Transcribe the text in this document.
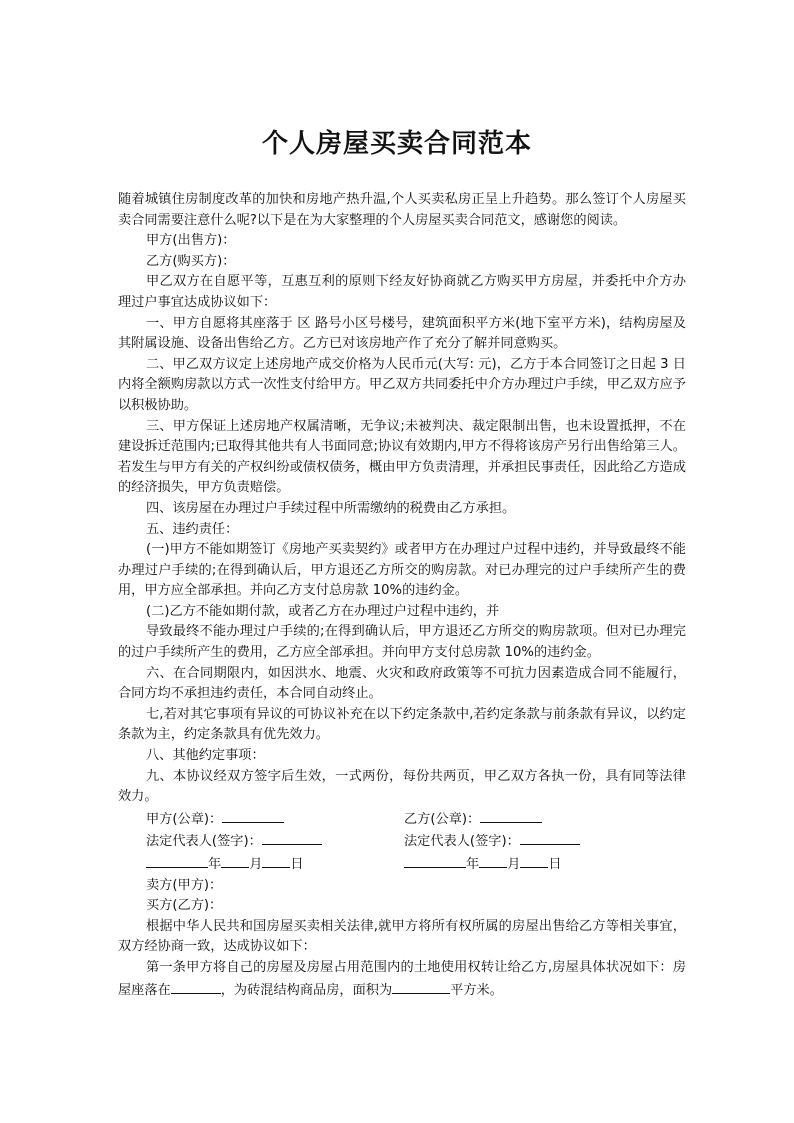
个人房屋买卖合同范本

随着城镇住房制度改革的加快和房地产热升温,个人买卖私房正呈上升趋势。那么签订个人房屋买卖合同需要注意什么呢?以下是在为大家整理的个人房屋买卖合同范文，感谢您的阅读。

甲方(出售方)：

乙方(购买方)：

甲乙双方在自愿平等，互惠互利的原则下经友好协商就乙方购买甲方房屋，并委托中介方办理过户事宜达成协议如下：

一、甲方自愿将其座落于 区 路号小区号楼号，建筑面积平方米(地下室平方米)，结构房屋及其附属设施、设备出售给乙方。乙方已对该房地产作了充分了解并同意购买。

二、甲乙双方议定上述房地产成交价格为人民币元(大写: 元)，乙方于本合同签订之日起 3 日内将全额购房款以方式一次性支付给甲方。甲乙双方共同委托中介方办理过户手续，甲乙双方应予以积极协助。

三、甲方保证上述房地产权属清晰，无争议;未被判决、裁定限制出售，也未设置抵押，不在建设拆迁范围内;已取得其他共有人书面同意;协议有效期内,甲方不得将该房产另行出售给第三人。若发生与甲方有关的产权纠纷或债权债务，概由甲方负责清理，并承担民事责任，因此给乙方造成的经济损失，甲方负责赔偿。

四、该房屋在办理过户手续过程中所需缴纳的税费由乙方承担。

五、违约责任：

(一)甲方不能如期签订《房地产买卖契约》或者甲方在办理过户过程中违约，并导致最终不能办理过户手续的;在得到确认后，甲方退还乙方所交的购房款。对已办理完的过户手续所产生的费用，甲方应全部承担。并向乙方支付总房款 10%的违约金。

(二)乙方不能如期付款，或者乙方在办理过户过程中违约，并

导致最终不能办理过户手续的;在得到确认后，甲方退还乙方所交的购房款项。但对已办理完的过户手续所产生的费用，乙方应全部承担。并向甲方支付总房款 10%的违约金。

六、在合同期限内，如因洪水、地震、火灾和政府政策等不可抗力因素造成合同不能履行，合同方均不承担违约责任，本合同自动终止。

七,若对其它事项有异议的可协议补充在以下约定条款中,若约定条款与前条款有异议，以约定条款为主，约定条款具有优先效力。

八、其他约定事项：

九、本协议经双方签字后生效，一式两份，每份共两页，甲乙双方各执一份，具有同等法律效力。

甲方(公章)：	乙方(公章)：
法定代表人(签字)：	法定代表人(签字)：
年 月 日	年 月 日

卖方(甲方)：

买方(乙方)：

根据中华人民共和国房屋买卖相关法律,就甲方将所有权所属的房屋出售给乙方等相关事宜，双方经协商一致，达成协议如下：

第一条甲方将自己的房屋及房屋占用范围内的土地使用权转让给乙方,房屋具体状况如下：房屋座落在	，为砖混结构商品房，面积为	平方米。
